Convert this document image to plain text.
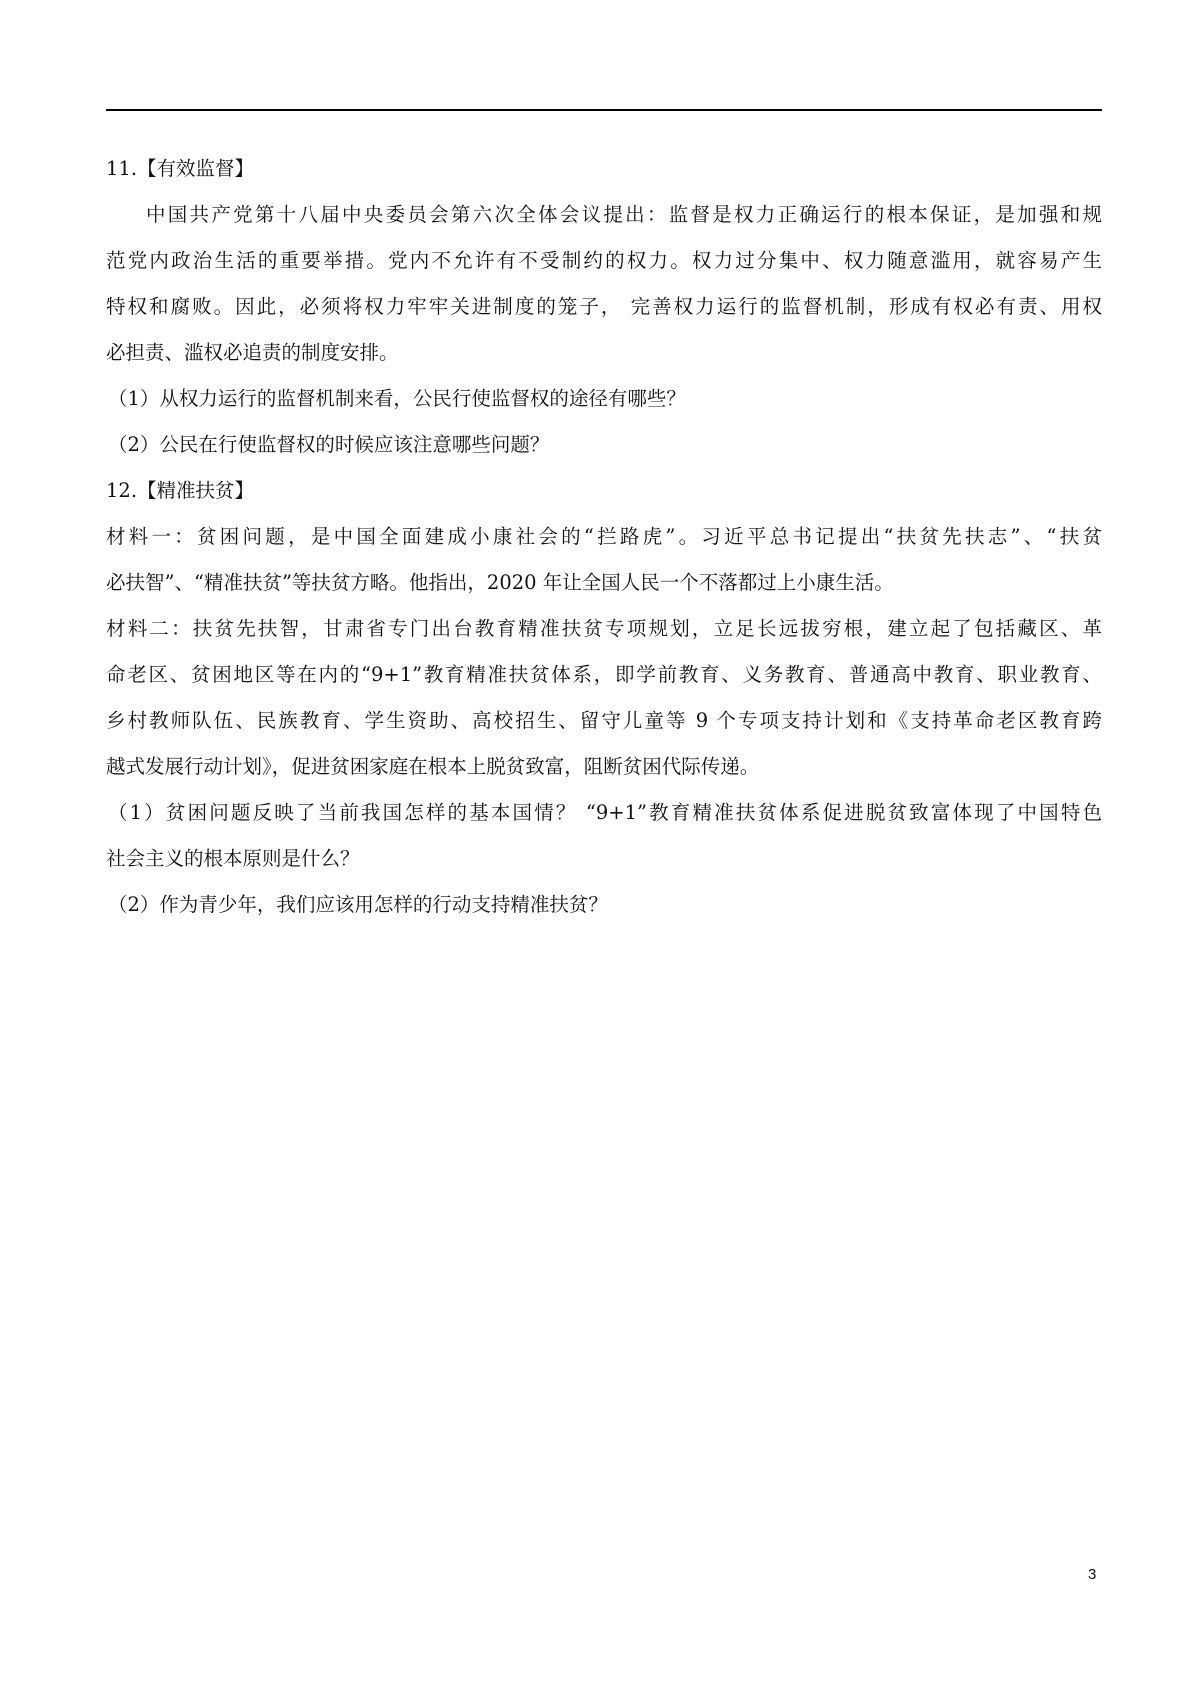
11.【有效监督】
中国共产党第十八届中央委员会第六次全体会议提出：监督是权力正确运行的根本保证，是加强和规
范党内政治生活的重要举措。党内不允许有不受制约的权力。权力过分集中、权力随意滥用，就容易产生
特权和腐败。因此，必须将权力牢牢关进制度的笼子， 完善权力运行的监督机制，形成有权必有责、用权
必担责、滥权必追责的制度安排。
（1）从权力运行的监督机制来看，公民行使监督权的途径有哪些？
（2）公民在行使监督权的时候应该注意哪些问题？
12.【精准扶贫】
材料一：贫困问题，是中国全面建成小康社会的“拦路虎”。习近平总书记提出“扶贫先扶志”、“扶贫
必扶智”、“精准扶贫”等扶贫方略。他指出，2020 年让全国人民一个不落都过上小康生活。
材料二：扶贫先扶智，甘肃省专门出台教育精准扶贫专项规划，立足长远拔穷根，建立起了包括藏区、革
命老区、贫困地区等在内的“9+1”教育精准扶贫体系，即学前教育、义务教育、普通高中教育、职业教育、
乡村教师队伍、民族教育、学生资助、高校招生、留守儿童等 9 个专项支持计划和《支持革命老区教育跨
越式发展行动计划》，促进贫困家庭在根本上脱贫致富，阻断贫困代际传递。
（1）贫困问题反映了当前我国怎样的基本国情？ “9+1”教育精准扶贫体系促进脱贫致富体现了中国特色
社会主义的根本原则是什么？
（2）作为青少年，我们应该用怎样的行动支持精准扶贫？
3
